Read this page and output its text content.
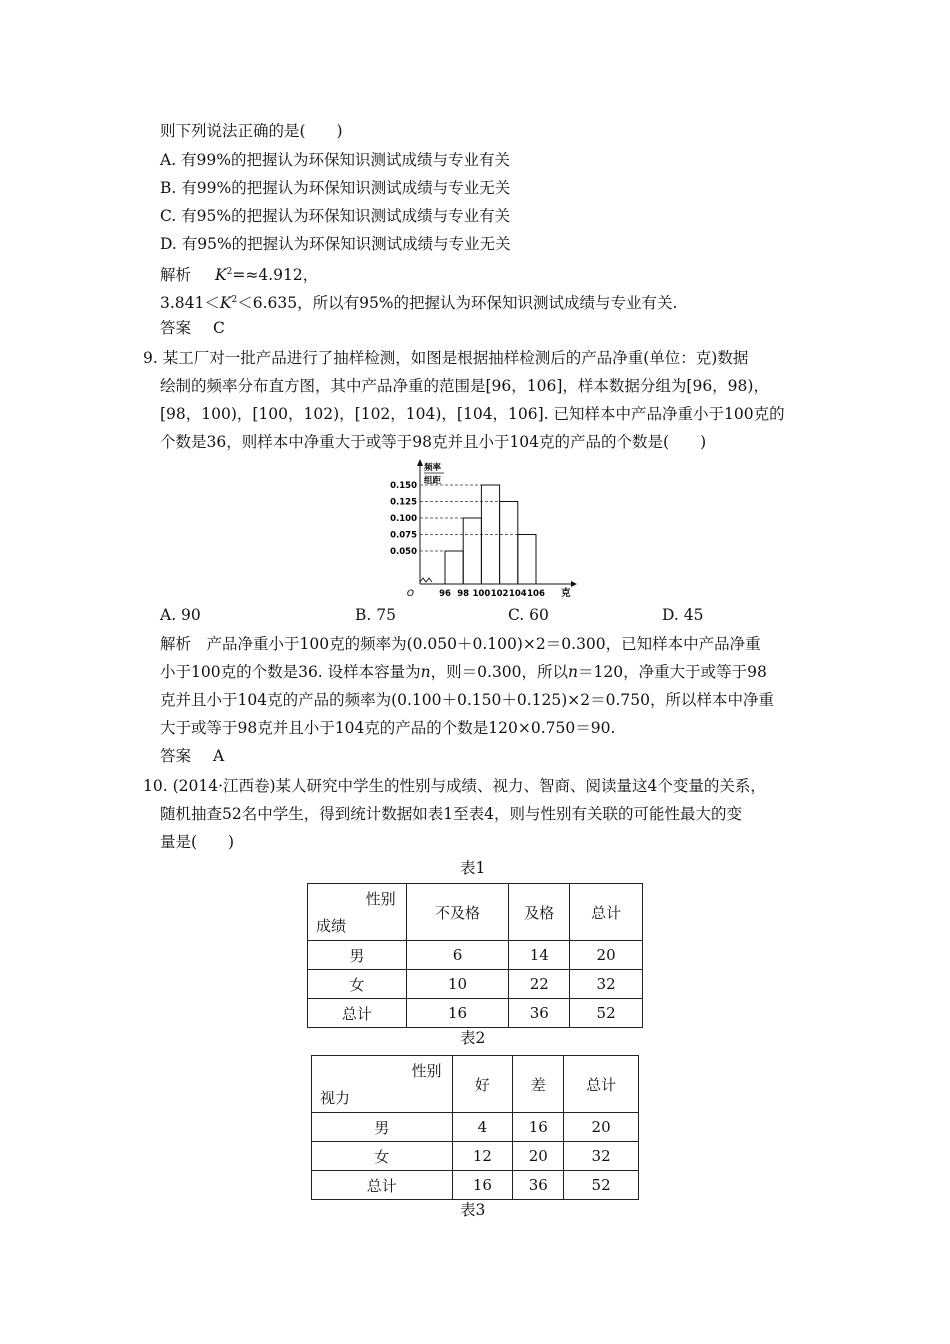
则下列说法正确的是(　　)
A. 有99%的把握认为环保知识测试成绩与专业有关
B. 有99%的把握认为环保知识测试成绩与专业无关
C. 有95%的把握认为环保知识测试成绩与专业有关
D. 有95%的把握认为环保知识测试成绩与专业无关
解析 $K^2=\approx 4.912$，
$3.841<K^2<6.635$，所以有95%的把握认为环保知识测试成绩与专业有关.
答案 C
9. 某工厂对一批产品进行了抽样检测，如图是根据抽样检测后的产品净重(单位：克)数据
绘制的频率分布直方图，其中产品净重的范围是[96，106]，样本数据分组为[96，98)，
[98，100)，[100，102)，[102，104)，[104，106]. 已知样本中产品净重小于100克的
个数是36，则样本中净重大于或等于98克并且小于104克的产品的个数是(　　)
0.050
0.075
0.100
0.125
0.150
96 98 100 102 104 106 克
O
频率
组距
A. 90	B. 75	C. 60	D. 45
解析　产品净重小于100克的频率为(0.050＋0.100)×2＝0.300，已知样本中产品净重
小于100克的个数是36. 设样本容量为n，则＝0.300，所以n＝120，净重大于或等于98
克并且小于104克的产品的频率为(0.100＋0.150＋0.125)×2＝0.750，所以样本中净重
大于或等于98克并且小于104克的产品的个数是120×0.750＝90.
答案 A
10. (2014·江西卷)某人研究中学生的性别与成绩、视力、智商、阅读量这4个变量的关系，
随机抽查52名中学生，得到统计数据如表1至表4，则与性别有关联的可能性最大的变
量是(　　)
表1
性别
成绩	不及格	及格	总计
男	6	14	20
女	10	22	32
总计	16	36	52
表2
性别
视力	好	差	总计
男	4	16	20
女	12	20	32
总计	16	36	52
表3
